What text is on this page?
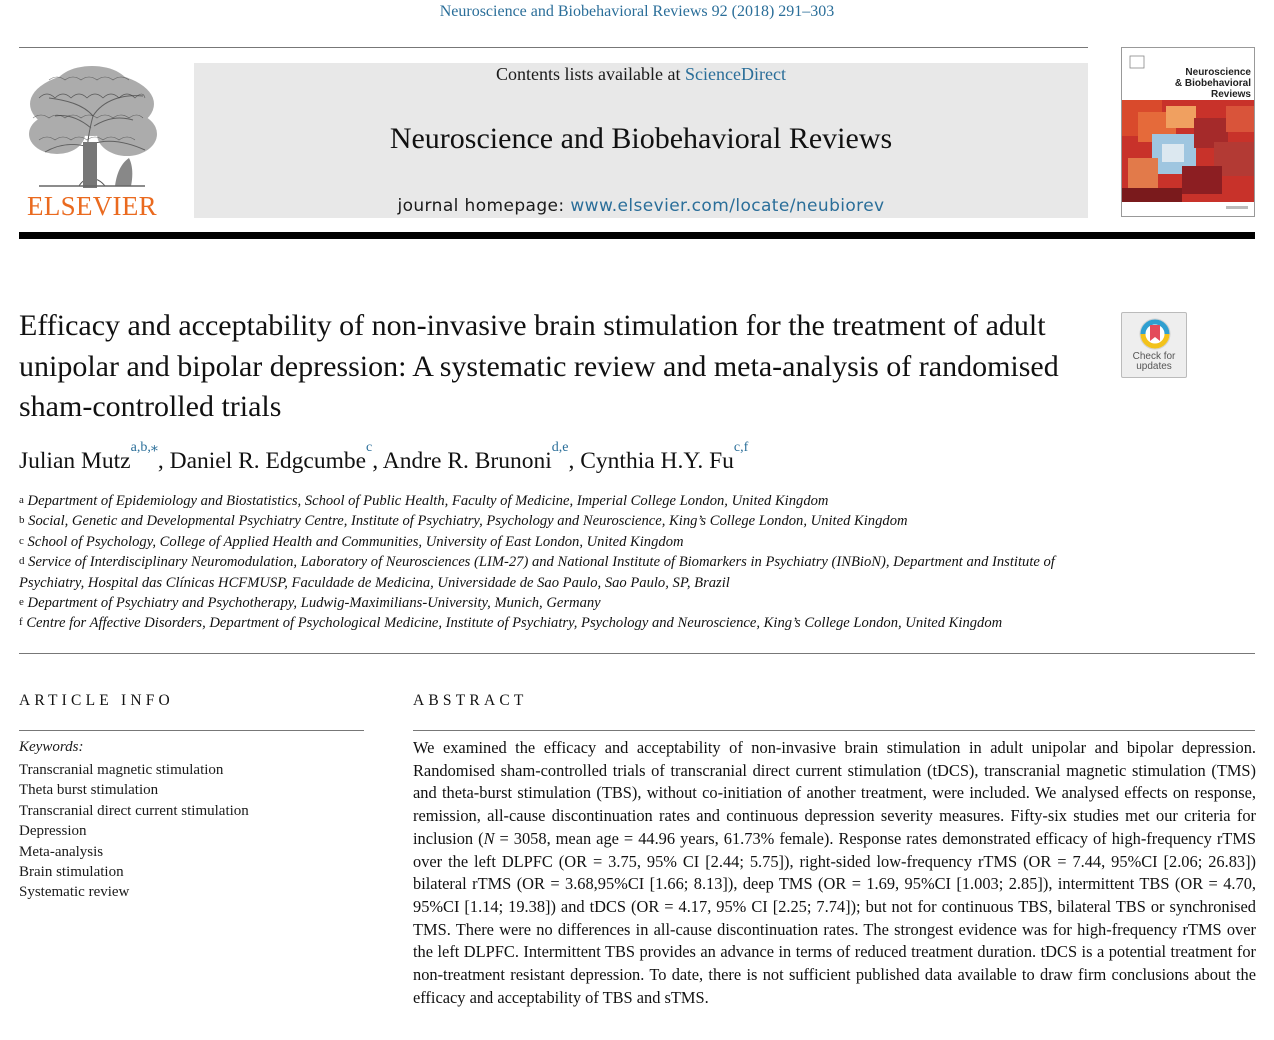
Neuroscience and Biobehavioral Reviews 92 (2018) 291–303
ELSEVIER
Contents lists available at ScienceDirect
Neuroscience and Biobehavioral Reviews
journal homepage: www.elsevier.com/locate/neubiorev
Neuroscience
& Biobehavioral
Reviews
Efficacy and acceptability of non-invasive brain stimulation for the treatment of adult unipolar and bipolar depression: A systematic review and meta-analysis of randomised sham-controlled trials
Check for
updates
Julian Mutz$^{a,b,⁎}$, Daniel R. Edgcumbe$^c$, Andre R. Brunoni$^{d,e}$, Cynthia H.Y. Fu$^{c,f}$
$^a$ Department of Epidemiology and Biostatistics, School of Public Health, Faculty of Medicine, Imperial College London, United Kingdom
$^b$ Social, Genetic and Developmental Psychiatry Centre, Institute of Psychiatry, Psychology and Neuroscience, King’s College London, United Kingdom
$^c$ School of Psychology, College of Applied Health and Communities, University of East London, United Kingdom
$^d$ Service of Interdisciplinary Neuromodulation, Laboratory of Neurosciences (LIM-27) and National Institute of Biomarkers in Psychiatry (INBioN), Department and Institute of Psychiatry, Hospital das Clínicas HCFMUSP, Faculdade de Medicina, Universidade de Sao Paulo, Sao Paulo, SP, Brazil
$^e$ Department of Psychiatry and Psychotherapy, Ludwig-Maximilians-University, Munich, Germany
$^f$ Centre for Affective Disorders, Department of Psychological Medicine, Institute of Psychiatry, Psychology and Neuroscience, King’s College London, United Kingdom
ARTICLE INFO
Keywords:
Transcranial magnetic stimulation
Theta burst stimulation
Transcranial direct current stimulation
Depression
Meta-analysis
Brain stimulation
Systematic review
ABSTRACT

We examined the efficacy and acceptability of non-invasive brain stimulation in adult unipolar and bipolar depression. Randomised sham-controlled trials of transcranial direct current stimulation (tDCS), transcranial magnetic stimulation (TMS) and theta-burst stimulation (TBS), without co-initiation of another treatment, were included. We analysed effects on response, remission, all-cause discontinuation rates and continuous depression severity measures. Fifty-six studies met our criteria for inclusion (N = 3058, mean age = 44.96 years, 61.73% female). Response rates demonstrated efficacy of high-frequency rTMS over the left DLPFC (OR = 3.75, 95% CI [2.44; 5.75]), right-sided low-frequency rTMS (OR = 7.44, 95%CI [2.06; 26.83]) bilateral rTMS (OR = 3.68,95%CI [1.66; 8.13]), deep TMS (OR = 1.69, 95%CI [1.003; 2.85]), intermittent TBS (OR = 4.70, 95%CI [1.14; 19.38]) and tDCS (OR = 4.17, 95% CI [2.25; 7.74]); but not for continuous TBS, bilateral TBS or synchronised TMS. There were no differences in all-cause discontinuation rates. The strongest evidence was for high-frequency rTMS over the left DLPFC. Intermittent TBS provides an advance in terms of reduced treatment duration. tDCS is a potential treatment for non-treatment resistant depression. To date, there is not sufficient published data available to draw firm conclusions about the efficacy and acceptability of TBS and sTMS.
